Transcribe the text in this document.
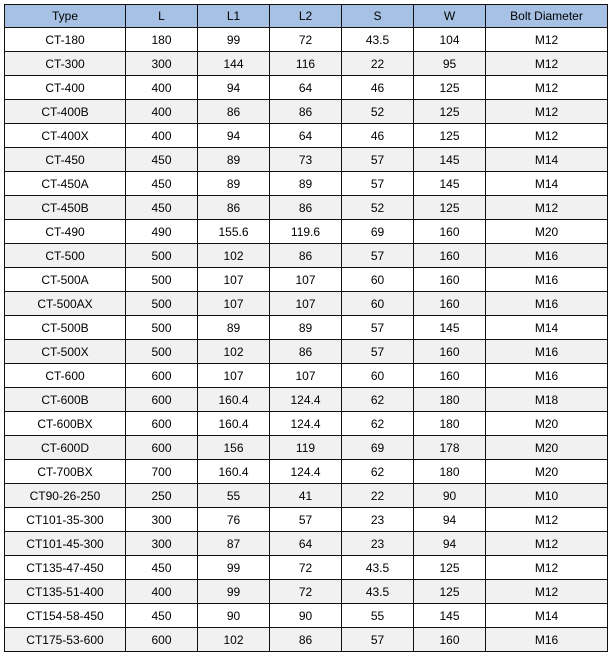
Type	L	L1	L2	S	W	Bolt Diameter
CT-180	180	99	72	43.5	104	M12
CT-300	300	144	116	22	95	M12
CT-400	400	94	64	46	125	M12
CT-400B	400	86	86	52	125	M12
CT-400X	400	94	64	46	125	M12
CT-450	450	89	73	57	145	M14
CT-450A	450	89	89	57	145	M14
CT-450B	450	86	86	52	125	M12
CT-490	490	155.6	119.6	69	160	M20
CT-500	500	102	86	57	160	M16
CT-500A	500	107	107	60	160	M16
CT-500AX	500	107	107	60	160	M16
CT-500B	500	89	89	57	145	M14
CT-500X	500	102	86	57	160	M16
CT-600	600	107	107	60	160	M16
CT-600B	600	160.4	124.4	62	180	M18
CT-600BX	600	160.4	124.4	62	180	M20
CT-600D	600	156	119	69	178	M20
CT-700BX	700	160.4	124.4	62	180	M20
CT90-26-250	250	55	41	22	90	M10
CT101-35-300	300	76	57	23	94	M12
CT101-45-300	300	87	64	23	94	M12
CT135-47-450	450	99	72	43.5	125	M12
CT135-51-400	400	99	72	43.5	125	M12
CT154-58-450	450	90	90	55	145	M14
CT175-53-600	600	102	86	57	160	M16
